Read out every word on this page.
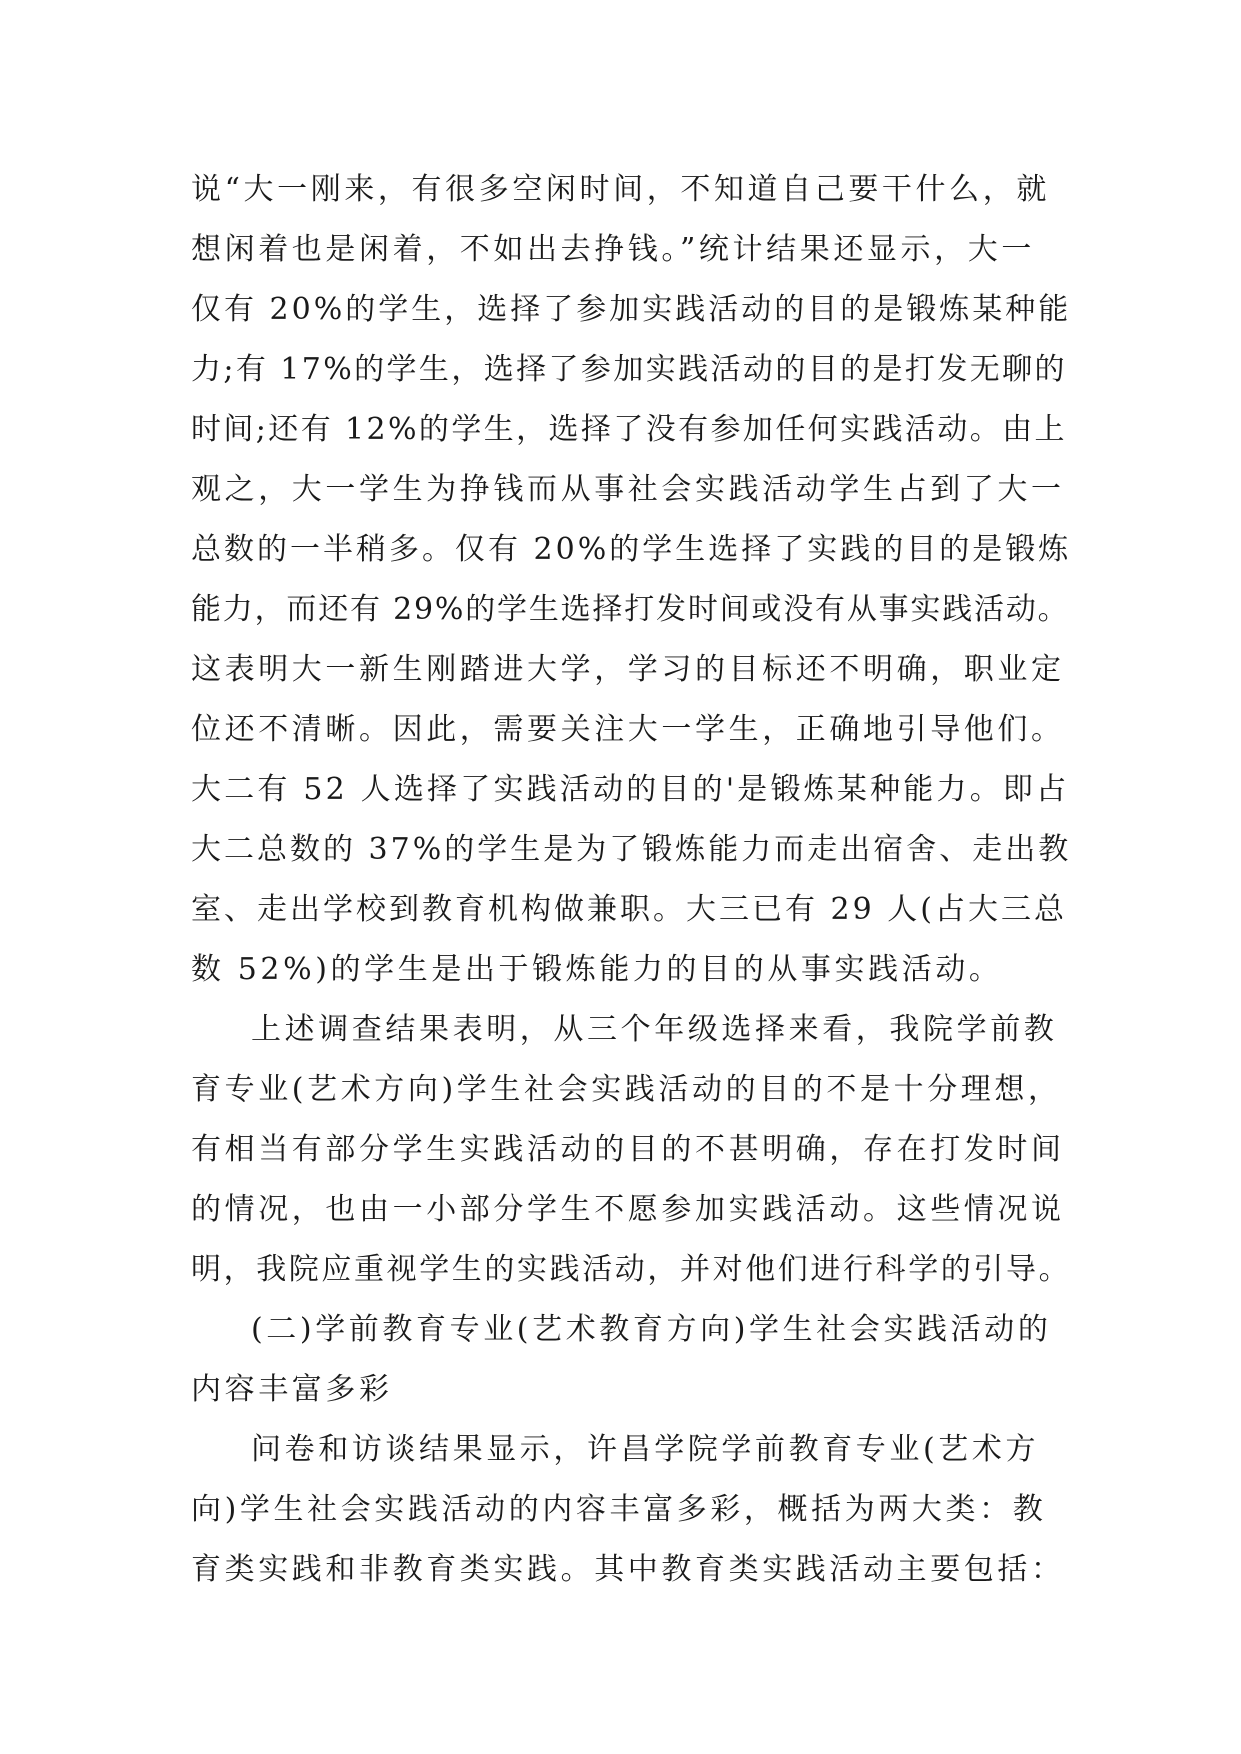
说“大一刚来，有很多空闲时间，不知道自己要干什么，就
想闲着也是闲着，不如出去挣钱。”统计结果还显示，大一
仅有 20%的学生，选择了参加实践活动的目的是锻炼某种能
力;有 17%的学生，选择了参加实践活动的目的是打发无聊的
时间;还有 12%的学生，选择了没有参加任何实践活动。由上
观之，大一学生为挣钱而从事社会实践活动学生占到了大一
总数的一半稍多。仅有 20%的学生选择了实践的目的是锻炼
能力，而还有 29%的学生选择打发时间或没有从事实践活动。
这表明大一新生刚踏进大学，学习的目标还不明确，职业定
位还不清晰。因此，需要关注大一学生，正确地引导他们。
大二有 52 人选择了实践活动的目的'是锻炼某种能力。即占
大二总数的 37%的学生是为了锻炼能力而走出宿舍、走出教
室、走出学校到教育机构做兼职。大三已有 29 人(占大三总
数 52%)的学生是出于锻炼能力的目的从事实践活动。
上述调查结果表明，从三个年级选择来看，我院学前教
育专业(艺术方向)学生社会实践活动的目的不是十分理想，
有相当有部分学生实践活动的目的不甚明确，存在打发时间
的情况，也由一小部分学生不愿参加实践活动。这些情况说
明，我院应重视学生的实践活动，并对他们进行科学的引导。
(二)学前教育专业(艺术教育方向)学生社会实践活动的
内容丰富多彩
问卷和访谈结果显示，许昌学院学前教育专业(艺术方
向)学生社会实践活动的内容丰富多彩，概括为两大类：教
育类实践和非教育类实践。其中教育类实践活动主要包括：
